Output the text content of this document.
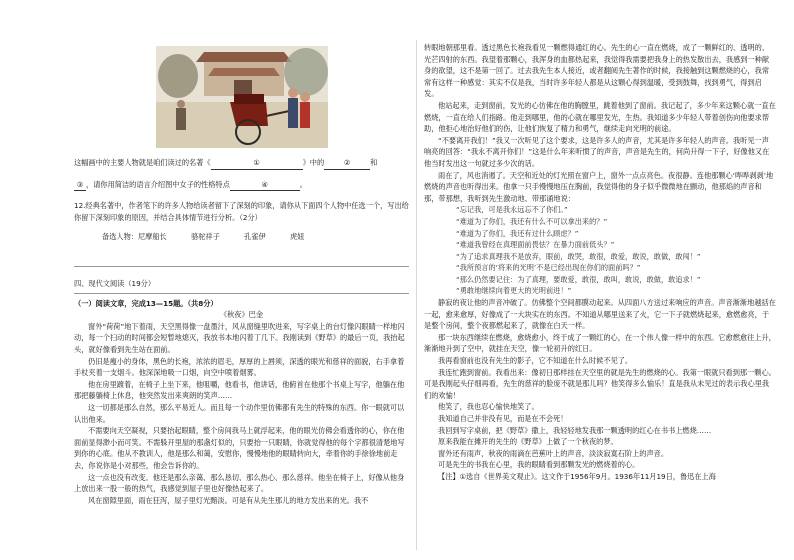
这幅画中的主要人物就是咱们读过的名著《	①	》中的	②	和

③ ，请你用简洁的语言介绍图中女子的性格特点	④	。

12.经典名著中，作者笔下的许多人物给读者留下了深刻的印象，请你从下面四个人物中任选一个，写出给你留下深刻印象的原因，并结合具体情节进行分析。（2分）

备选人物：尼摩船长	骆驼祥子	孔雀伊	虎妞

四、现代文阅读（19分）

（一）阅读文章，完成13—15题。（共8分）

《秋夜》巴金

窗外“荷荷”地下着雨，天空黑得像一盘墨汁，风从窗缝里吹进来，写字桌上的台灯像闪眼睛一样地闪动，每一个扫动的时间都会短暂地熄灭，我放书本地闪着丁几下。我刚读到《野草》的最后一页，我抬起头，就好像看到先生站在面前。

仍旧是瘦小的身体，黑色的长袍，浓浓的眉毛，厚厚的上唇须，深透的眼光和慈祥的面貌，右手拿着手杖夹着一支烟斗。他深深地吸一口烟，向空中喷着烟雾。

他在房里踱着，在椅子上坐下来，他咀嚼，他看书，他讲话，他俯首在他那个书桌上写字，他躺在他那把藤躺椅上休息，他突然发出来爽朗的笑声……

这一切都是那么自然，那么平易近人。而且每一个动作里仿佛都有先生的特殊的东西。你一眼就可以认出他来。

不需要向天空凝视，只要抬起眼睛，整个房间我马上就浮起来，他的眼光仿佛会看透你的心，你在他面前显得渺小而可笑。不需躲开里屋的那盏灯似的，只要抬一只眼睛，你就觉得他的每个字都很清楚地写到你的心底。他从不教训人，他是那么和蔼，安慰你，慢慢地他的眼睛转向大，牵着你的手徐徐地前走去，你说你是小对那些，他会告诉你的。

这一点也没有改变。他还是那么亲蔼、那么恳切、那么热心、那么慈祥。他坐在椅子上，好像从他身上放出来一股一般的热气，我感觉到屋子里也好像热起来了。

风在窗隙里面，雨在狂泻，屋子里灯光黯淡。可是有从先生那儿的地方发出来的光。我不

转眼地朝那里看。透过黑色长袍我看见一颗燃得通红的心。先生的心一直在燃烧，成了一颗鲜红的、透明的、光芒四射的东西。我望着那颗心，我浑身的血都热起来，我觉得我需要把我身上的热发散出去，我感到一种献身的欲望，这不是第一回了。过去我先生本人接近，或者翻阅先生著作的时候，我接触到这颗燃烧的心，我常常有这样一种感觉：其实不仅是我，当时许多年轻人都是从这颗心得到温暖，受到鼓舞，找到勇气，得到启发。

他站起来，走到窗前，发光的心仿佛在他的胸膛里，跳着他到了窗前。我记起了，多少年来这颗心就一直在燃烧，一直在给人们指路。他走到哪里，他的心就在哪里发光，生热。我知道多少年轻人带着创伤向他要求帮助，他拒心地治好他们的伤，让他们恢复了精力和勇气，继续走向光明的前途。

“不要离开我们！”我又一次听见了这个要求，这是许多人的声音，尤其是许多年轻人的声音。我听见一声响亮的回答：“我永不离开你们！”这是什么年来听惯了的声音，声音是先生的，何尚升得一下子，好像他又在他当时发出这一句就过多少次的话。

雨在了，风也消遏了。天空和近处的灯光照在窗户上，窗外一点点亮色。夜很静。连他那颗心‘哗哗剥剥’地燃烧的声音也听得出来。他拿一只手慢慢地压在胸前，我觉得他的身子似乎微微地在颤动，他那焰的声音和那，带那想，我听到先生激动地、带那诵地说：

“忘记我，可是我永远忘不了你们。”

“难道为了你们，我还有什么不可以拿出来的？”

“难道为了你们，我还有过什么顾虑？”

“难道我曾经在真理面前畏怯？在暴力面前低头？”

“为了追求真理我不是放弃，眼前，敢哭，敢很，敢爱，敢说，敢做，敢闯！”

“我所预言的‘将来的光明’不是已经出现在你们的面前吗？”

“那么仍然要记住：为了真理，要敢爱，敢很，敢叫，敢说，敢做，敢追求！”

“勇敢地继续向着更大的光明前进！”

静寂的夜让他的声音冲破了。仿佛整个空间都膜动起来。从四面八方送过来响应的声音。声音渐渐地越括在一起，愈来愈厚，好像成了一大块实在的东西。不知道从哪里送来了火，它一下子就燃烧起来，愈燃愈亮，于是整个房间，整个夜都燃起来了，就像在白天一样。

那一块东西继续在燃烧，愈烧愈小，终于成了一颗红的心，在一个伟人像一样中的东西。它愈燃愈往上升，渐渐地升到了空中，就挂在天空，像一轮初升的红日。

我再看窗前也没有先生的影子，它不知道在什么时候不见了。

我连忙跑到窗前。我看出来：像初日那样挂在天空里的就是先生的燃烧的心。我第一眼就只看到那一颗心。可是我刚起头仔细再看，先生的慈祥的脸庞不就是那儿吗？他笑得多么愉乐！直是我从未见过的表示我心里我们的欢愉！

他笑了，我也忍心愉快地笑了。

我知道自己并非没有见，而是在不会死！

我回到写字桌前，把《野草》撒上，我轻轻地发我那一颗透明的红心在书书上燃烧……

原来我能在摊开的先生的《野草》上做了一个秋夜的梦。

窗外还有雨声，秋夜的雨滴在芭蕉叶上的声音，淡淡寂寞石阶上的声音。

可是先生的书我在心里，我的眼睛看到那颗发光的燃烧着的心。

【注】①选自《世界美文观止》。这文作于1956年9月。1936年11月19日，鲁迅在上海
